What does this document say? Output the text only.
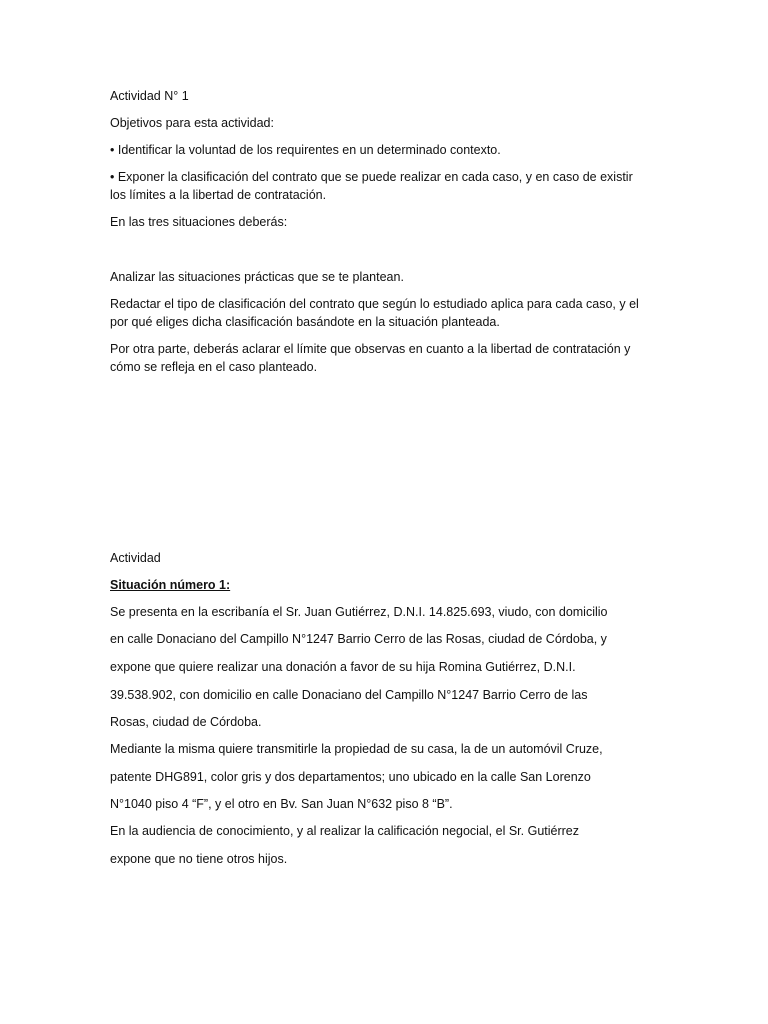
Actividad N° 1
Objetivos para esta actividad:
• Identificar la voluntad de los requirentes en un determinado contexto.
• Exponer la clasificación del contrato que se puede realizar en cada caso, y en caso de existir
los límites a la libertad de contratación.
En las tres situaciones deberás:
Analizar las situaciones prácticas que se te plantean.
Redactar el tipo de clasificación del contrato que según lo estudiado aplica para cada caso, y el
por qué eliges dicha clasificación basándote en la situación planteada.
Por otra parte, deberás aclarar el límite que observas en cuanto a la libertad de contratación y
cómo se refleja en el caso planteado.
Actividad
Situación número 1:
Se presenta en la escribanía el Sr. Juan Gutiérrez, D.N.I. 14.825.693, viudo, con domicilio
en calle Donaciano del Campillo N°1247 Barrio Cerro de las Rosas, ciudad de Córdoba, y
expone que quiere realizar una donación a favor de su hija Romina Gutiérrez, D.N.I.
39.538.902, con domicilio en calle Donaciano del Campillo N°1247 Barrio Cerro de las
Rosas, ciudad de Córdoba.
Mediante la misma quiere transmitirle la propiedad de su casa, la de un automóvil Cruze,
patente DHG891, color gris y dos departamentos; uno ubicado en la calle San Lorenzo
N°1040 piso 4 “F”, y el otro en Bv. San Juan N°632 piso 8 “B”.
En la audiencia de conocimiento, y al realizar la calificación negocial, el Sr. Gutiérrez
expone que no tiene otros hijos.
